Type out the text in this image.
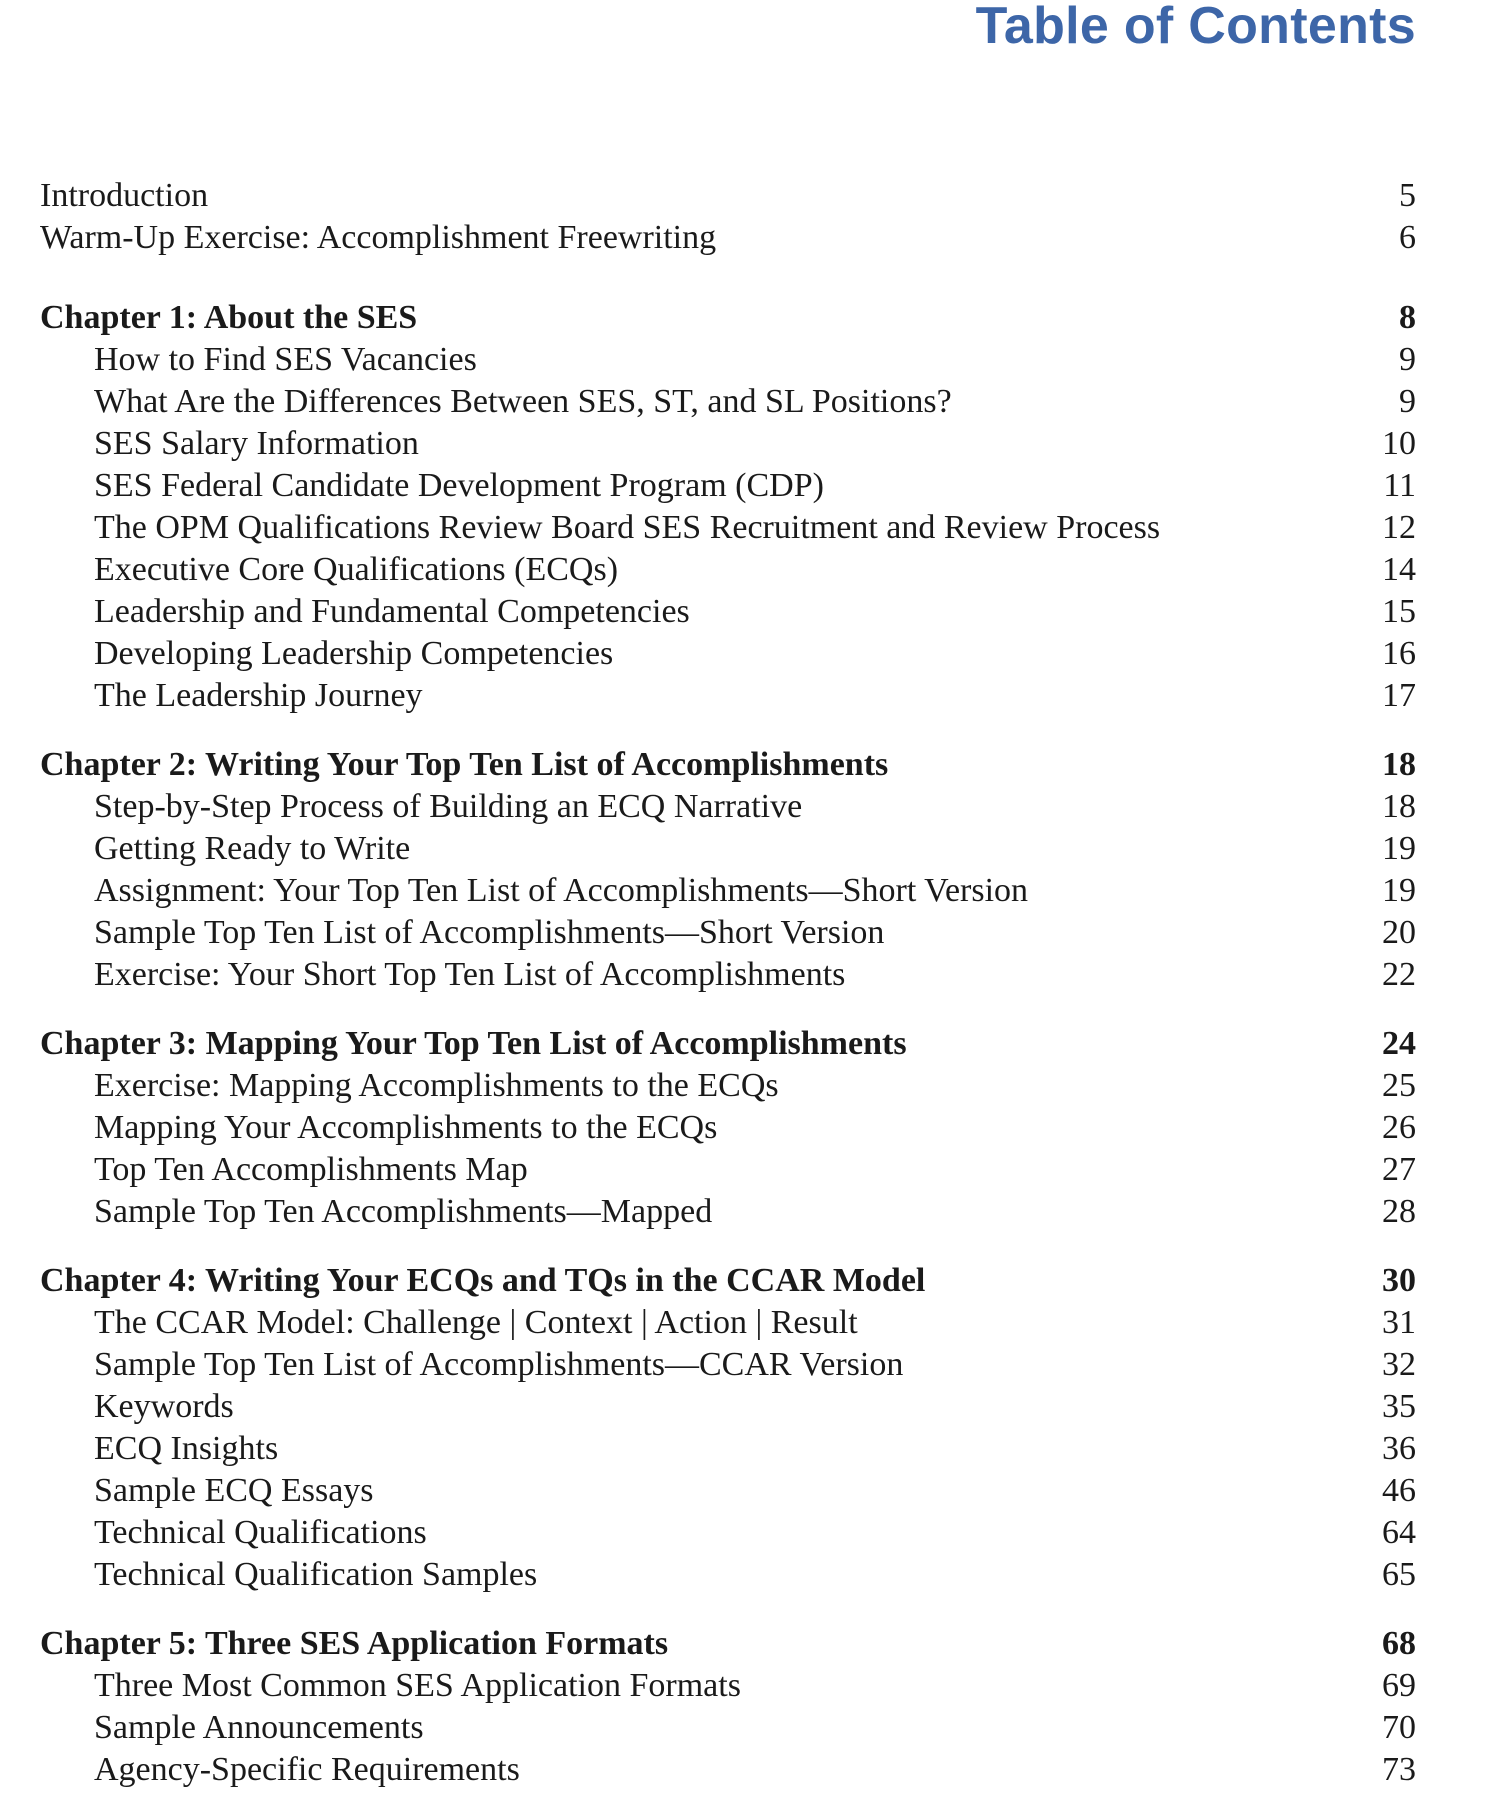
Table of Contents
Introduction	5
Warm-Up Exercise: Accomplishment Freewriting	6
Chapter 1: About the SES	8
How to Find SES Vacancies	9
What Are the Differences Between SES, ST, and SL Positions?	9
SES Salary Information	10
SES Federal Candidate Development Program (CDP)	11
The OPM Qualifications Review Board SES Recruitment and Review Process	12
Executive Core Qualifications (ECQs)	14
Leadership and Fundamental Competencies	15
Developing Leadership Competencies	16
The Leadership Journey	17
Chapter 2: Writing Your Top Ten List of Accomplishments	18
Step-by-Step Process of Building an ECQ Narrative	18
Getting Ready to Write	19
Assignment: Your Top Ten List of Accomplishments—Short Version	19
Sample Top Ten List of Accomplishments—Short Version	20
Exercise: Your Short Top Ten List of Accomplishments	22
Chapter 3: Mapping Your Top Ten List of Accomplishments	24
Exercise: Mapping Accomplishments to the ECQs	25
Mapping Your Accomplishments to the ECQs	26
Top Ten Accomplishments Map	27
Sample Top Ten Accomplishments—Mapped	28
Chapter 4: Writing Your ECQs and TQs in the CCAR Model	30
The CCAR Model: Challenge | Context | Action | Result	31
Sample Top Ten List of Accomplishments—CCAR Version	32
Keywords	35
ECQ Insights	36
Sample ECQ Essays	46
Technical Qualifications	64
Technical Qualification Samples	65
Chapter 5: Three SES Application Formats	68
Three Most Common SES Application Formats	69
Sample Announcements	70
Agency-Specific Requirements	73
